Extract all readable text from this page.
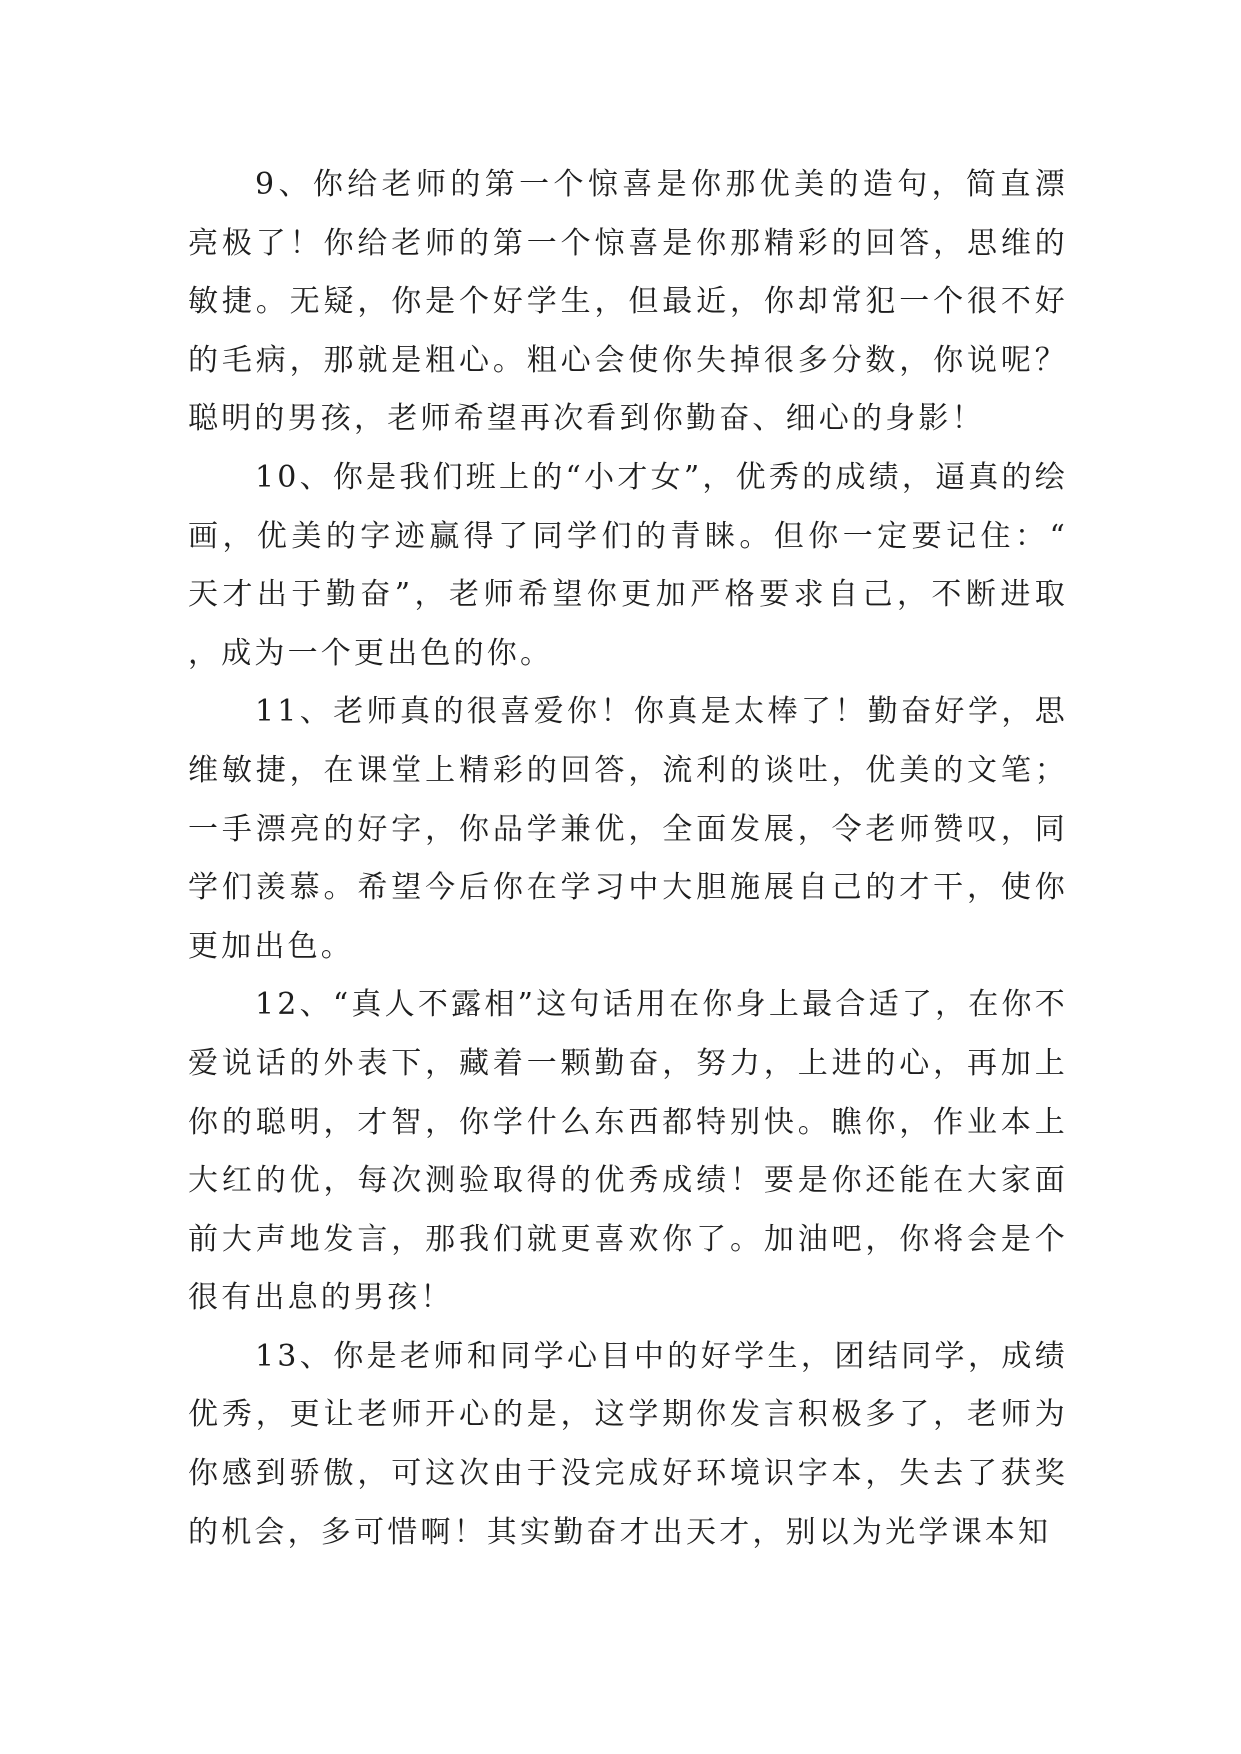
9、你给老师的第一个惊喜是你那优美的造句，简直漂亮极了！你给老师的第一个惊喜是你那精彩的回答，思维的敏捷。无疑，你是个好学生，但最近，你却常犯一个很不好的毛病，那就是粗心。粗心会使你失掉很多分数，你说呢？聪明的男孩，老师希望再次看到你勤奋、细心的身影！

10、你是我们班上的“小才女”，优秀的成绩，逼真的绘画，优美的字迹赢得了同学们的青睐。但你一定要记住：“天才出于勤奋”，老师希望你更加严格要求自己，不断进取，成为一个更出色的你。

11、老师真的很喜爱你！你真是太棒了！勤奋好学，思维敏捷，在课堂上精彩的回答，流利的谈吐，优美的文笔；一手漂亮的好字，你品学兼优，全面发展，令老师赞叹，同学们羡慕。希望今后你在学习中大胆施展自己的才干，使你更加出色。

12、“真人不露相”这句话用在你身上最合适了，在你不爱说话的外表下，藏着一颗勤奋，努力，上进的心，再加上你的聪明，才智，你学什么东西都特别快。瞧你，作业本上大红的优，每次测验取得的优秀成绩！要是你还能在大家面前大声地发言，那我们就更喜欢你了。加油吧，你将会是个很有出息的男孩！

13、你是老师和同学心目中的好学生，团结同学，成绩优秀，更让老师开心的是，这学期你发言积极多了，老师为你感到骄傲，可这次由于没完成好环境识字本，失去了获奖的机会，多可惜啊！其实勤奋才出天才，别以为光学课本知
